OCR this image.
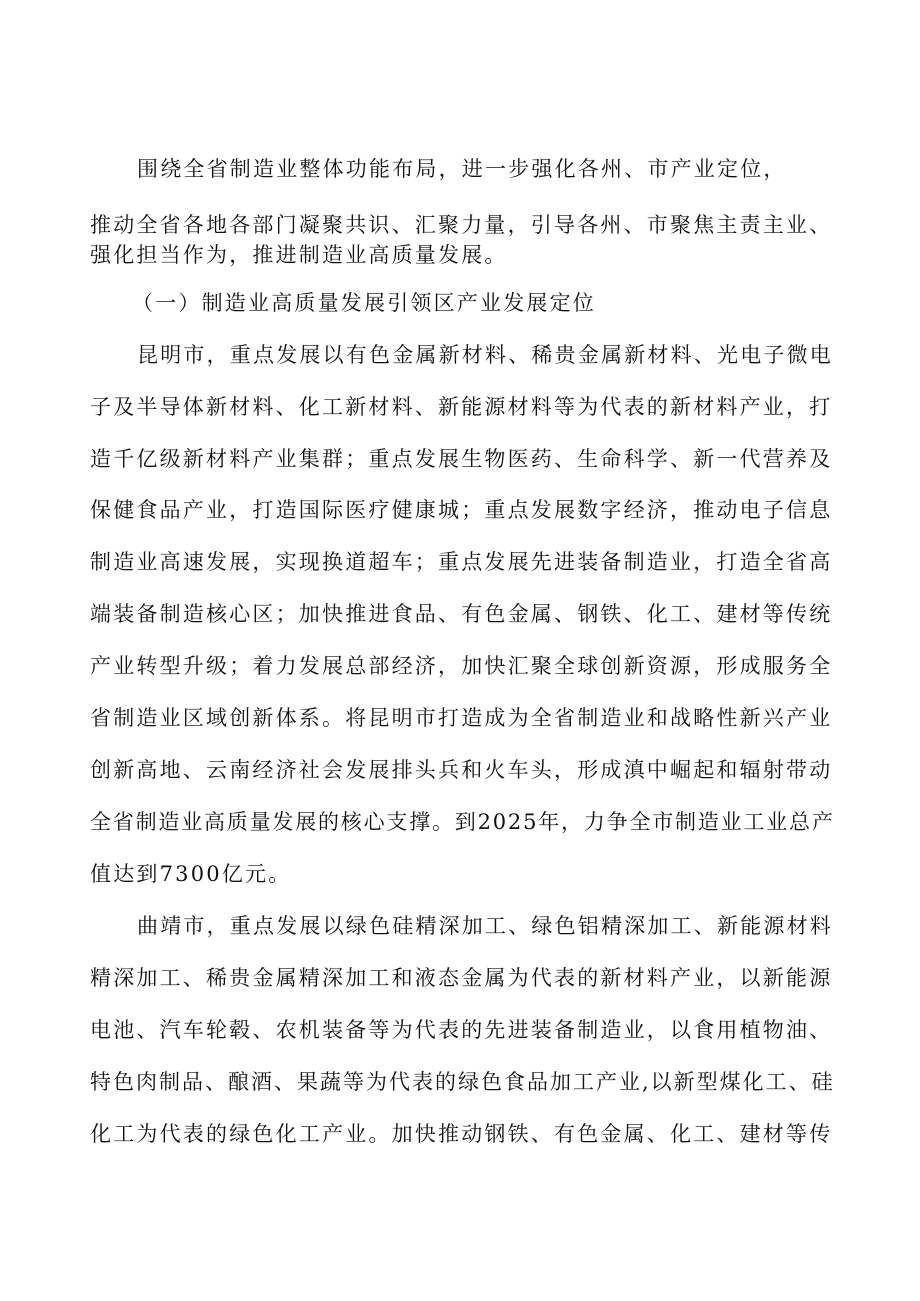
围绕全省制造业整体功能布局，进一步强化各州、市产业定位，
推动全省各地各部门凝聚共识、汇聚力量，引导各州、市聚焦主责主业、
强化担当作为，推进制造业高质量发展。
（一）制造业高质量发展引领区产业发展定位
昆明市，重点发展以有色金属新材料、稀贵金属新材料、光电子微电
子及半导体新材料、化工新材料、新能源材料等为代表的新材料产业，打
造千亿级新材料产业集群；重点发展生物医药、生命科学、新一代营养及
保健食品产业，打造国际医疗健康城；重点发展数字经济，推动电子信息
制造业高速发展，实现换道超车；重点发展先进装备制造业，打造全省高
端装备制造核心区；加快推进食品、有色金属、钢铁、化工、建材等传统
产业转型升级；着力发展总部经济，加快汇聚全球创新资源，形成服务全
省制造业区域创新体系。将昆明市打造成为全省制造业和战略性新兴产业
创新高地、云南经济社会发展排头兵和火车头，形成滇中崛起和辐射带动
全省制造业高质量发展的核心支撑。到2025年，力争全市制造业工业总产
值达到7300亿元。
曲靖市，重点发展以绿色硅精深加工、绿色铝精深加工、新能源材料
精深加工、稀贵金属精深加工和液态金属为代表的新材料产业，以新能源
电池、汽车轮毂、农机装备等为代表的先进装备制造业，以食用植物油、
特色肉制品、酿酒、果蔬等为代表的绿色食品加工产业,以新型煤化工、硅
化工为代表的绿色化工产业。加快推动钢铁、有色金属、化工、建材等传
